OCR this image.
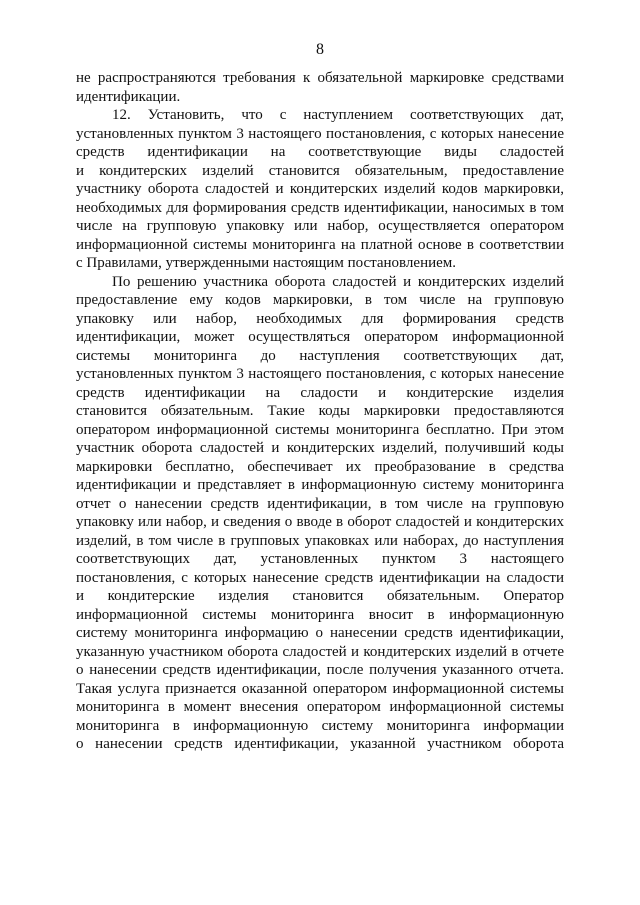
8
не распространяются требования к обязательной маркировке средствами
идентификации.
12. Установить, что с наступлением соответствующих дат,
установленных пунктом 3 настоящего постановления, с которых нанесение
средств идентификации на соответствующие виды сладостей
и кондитерских изделий становится обязательным, предоставление
участнику оборота сладостей и кондитерских изделий кодов маркировки,
необходимых для формирования средств идентификации, наносимых в том
числе на групповую упаковку или набор, осуществляется оператором
информационной системы мониторинга на платной основе в соответствии
с Правилами, утвержденными настоящим постановлением.
По решению участника оборота сладостей и кондитерских изделий
предоставление ему кодов маркировки, в том числе на групповую
упаковку или набор, необходимых для формирования средств
идентификации, может осуществляться оператором информационной
системы мониторинга до наступления соответствующих дат,
установленных пунктом 3 настоящего постановления, с которых нанесение
средств идентификации на сладости и кондитерские изделия
становится обязательным. Такие коды маркировки предоставляются
оператором информационной системы мониторинга бесплатно. При этом
участник оборота сладостей и кондитерских изделий, получивший коды
маркировки бесплатно, обеспечивает их преобразование в средства
идентификации и представляет в информационную систему мониторинга
отчет о нанесении средств идентификации, в том числе на групповую
упаковку или набор, и сведения о вводе в оборот сладостей и кондитерских
изделий, в том числе в групповых упаковках или наборах, до наступления
соответствующих дат, установленных пунктом 3 настоящего
постановления, с которых нанесение средств идентификации на сладости
и кондитерские изделия становится обязательным. Оператор
информационной системы мониторинга вносит в информационную
систему мониторинга информацию о нанесении средств идентификации,
указанную участником оборота сладостей и кондитерских изделий в отчете
о нанесении средств идентификации, после получения указанного отчета.
Такая услуга признается оказанной оператором информационной системы
мониторинга в момент внесения оператором информационной системы
мониторинга в информационную систему мониторинга информации
о нанесении средств идентификации, указанной участником оборота
